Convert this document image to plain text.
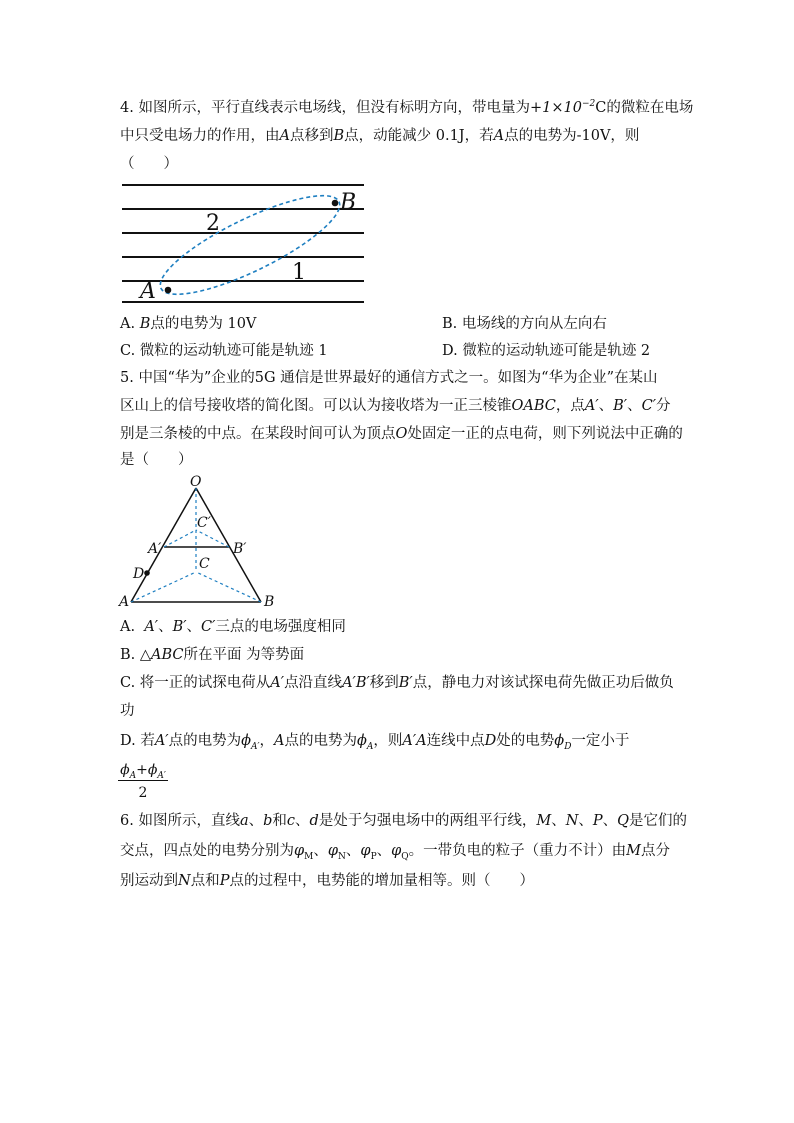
4. 如图所示，平行直线表示电场线，但没有标明方向，带电量为$+1\times 10^{-2}C$的微粒在电场
中只受电场力的作用，由A点移到B点，动能减少 0.1J，若A点的电势为-10V，则
（　　）
A
B
2
1
A. B点的电势为 10V	B. 电场线的方向从左向右
C. 微粒的运动轨迹可能是轨迹 1	D. 微粒的运动轨迹可能是轨迹 2
5. 中国“华为”企业的5G 通信是世界最好的通信方式之一。如图为“华为企业”在某山
区山上的信号接收塔的简化图。可以认为接收塔为一正三棱锥OABC，点A′、B′、C′分
别是三条棱的中点。在某段时间可认为顶点O处固定一正的点电荷，则下列说法中正确的
是（　　）
O
C′
A′	B′
C
D
A	B
A. A′、B′、C′三点的电场强度相同
B. △ABC所在平面 为等势面
C. 将一正的试探电荷从A′点沿直线A′B′移到B′点，静电力对该试探电荷先做正功后做负
功
D. 若A′点的电势为$\phi_{A'}$，A点的电势为$\phi_A$，则A′A连线中点D处的电势$\phi_D$一定小于
$\frac{\phi_A+\phi_{A'}}{2}$
6. 如图所示，直线a、b和c、d是处于匀强电场中的两组平行线，M、N、P、Q是它们的
交点，四点处的电势分别为$\varphi_M$、$\varphi_N$、$\varphi_P$、$\varphi_Q$。一带负电的粒子（重力不计）由M点分
别运动到N点和P点的过程中，电势能的增加量相等。则（　　）
